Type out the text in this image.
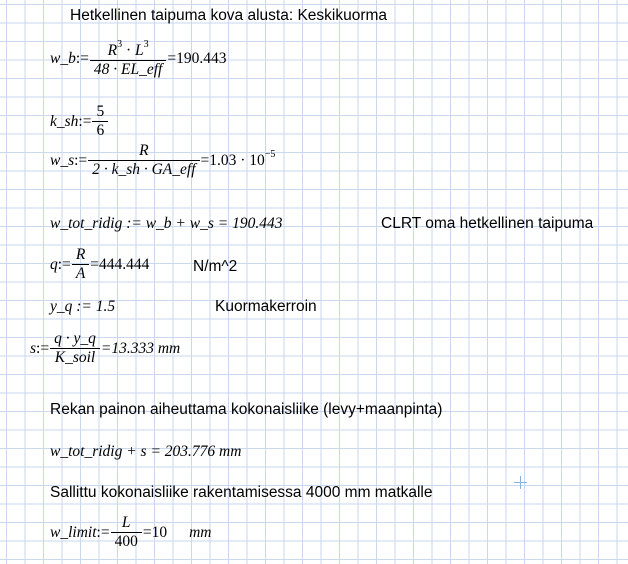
Hetkellinen taipuma kova alusta: Keskikuorma
w_b := $\frac{R^3 \cdot L^3}{\text{48 · EL\_eff}} =190.443$
k_sh := $\frac{5}{6}$
w_s := $\frac{R}{\text{2 · k\_sh · GA\_eff}} =1.03 \cdot 10^{-5}$
w_tot_ridig := w_b + w_s = 190.443	CLRT oma hetkellinen taipuma
q := $\frac{R}{A} =444.444$	N/m^2
y_q := 1.5	Kuormakerroin
s := $\frac{q \cdot y\_q}{\text{K\_soil}} =13.333$ mm
Rekan painon aiheuttama kokonaisliike (levy+maanpinta)
w_tot_ridig + s = 203.776 mm
Sallittu kokonaisliike rakentamisessa 4000 mm matkalle
w_limit := $\frac{L}{400} =10$ mm
